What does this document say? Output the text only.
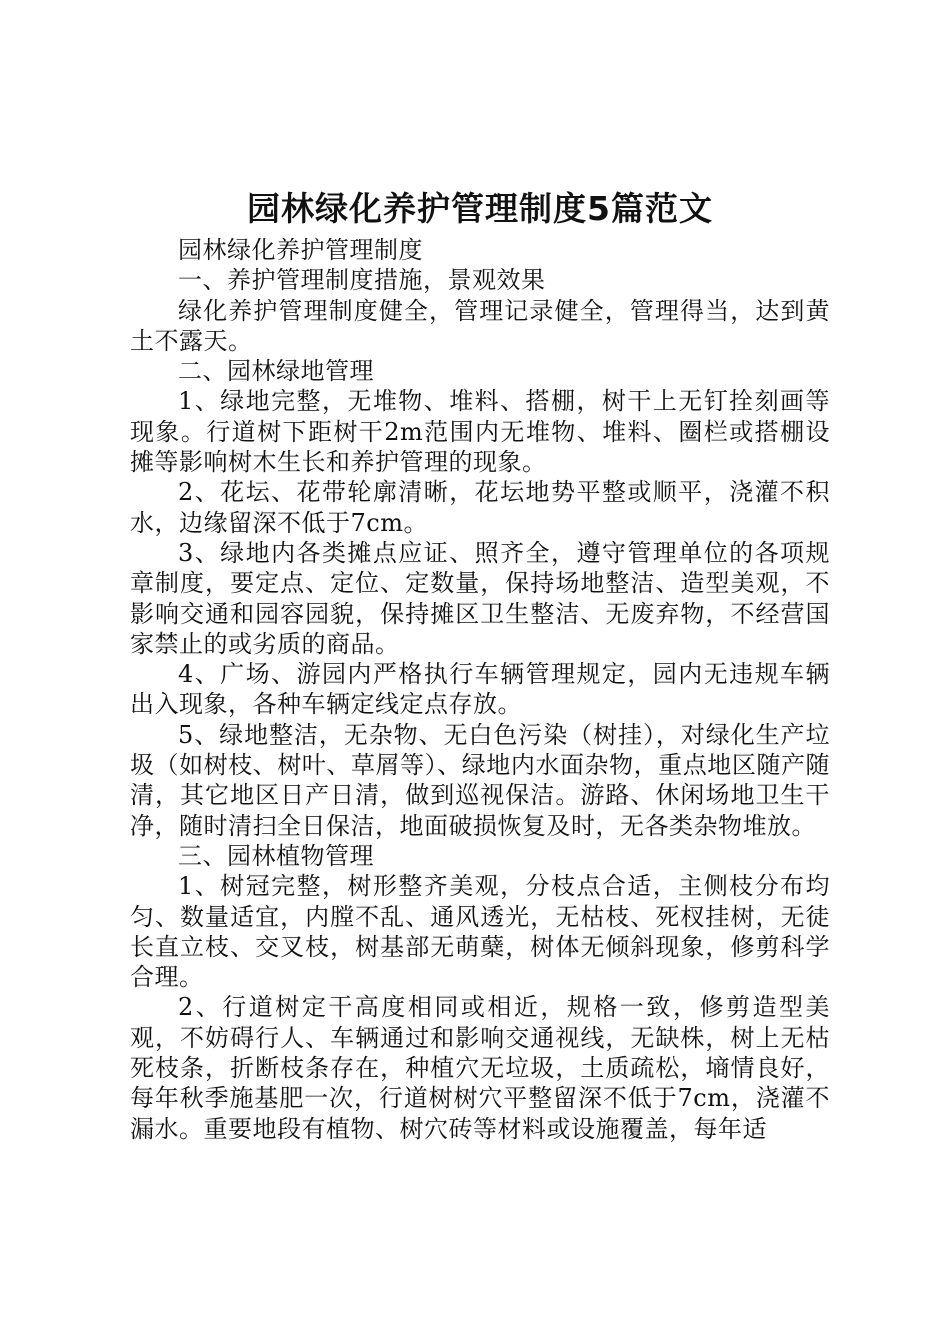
园林绿化养护管理制度5篇范文

园林绿化养护管理制度

一、养护管理制度措施，景观效果

绿化养护管理制度健全，管理记录健全，管理得当，达到黄土不露天。

二、园林绿地管理

1、绿地完整，无堆物、堆料、搭棚，树干上无钉拴刻画等现象。行道树下距树干2m范围内无堆物、堆料、圈栏或搭棚设摊等影响树木生长和养护管理的现象。

2、花坛、花带轮廓清晰，花坛地势平整或顺平，浇灌不积水，边缘留深不低于7cm。

3、绿地内各类摊点应证、照齐全，遵守管理单位的各项规章制度，要定点、定位、定数量，保持场地整洁、造型美观，不影响交通和园容园貌，保持摊区卫生整洁、无废弃物，不经营国家禁止的或劣质的商品。

4、广场、游园内严格执行车辆管理规定，园内无违规车辆出入现象，各种车辆定线定点存放。

5、绿地整洁，无杂物、无白色污染（树挂），对绿化生产垃圾（如树枝、树叶、草屑等）、绿地内水面杂物，重点地区随产随清，其它地区日产日清，做到巡视保洁。游路、休闲场地卫生干净，随时清扫全日保洁，地面破损恢复及时，无各类杂物堆放。

三、园林植物管理

1、树冠完整，树形整齐美观，分枝点合适，主侧枝分布均匀、数量适宜，内膛不乱、通风透光，无枯枝、死杈挂树，无徒长直立枝、交叉枝，树基部无萌蘖，树体无倾斜现象，修剪科学合理。

2、行道树定干高度相同或相近，规格一致，修剪造型美观，不妨碍行人、车辆通过和影响交通视线，无缺株，树上无枯死枝条，折断枝条存在，种植穴无垃圾，土质疏松，墒情良好，每年秋季施基肥一次，行道树树穴平整留深不低于7cm，浇灌不漏水。重要地段有植物、树穴砖等材料或设施覆盖，每年适
